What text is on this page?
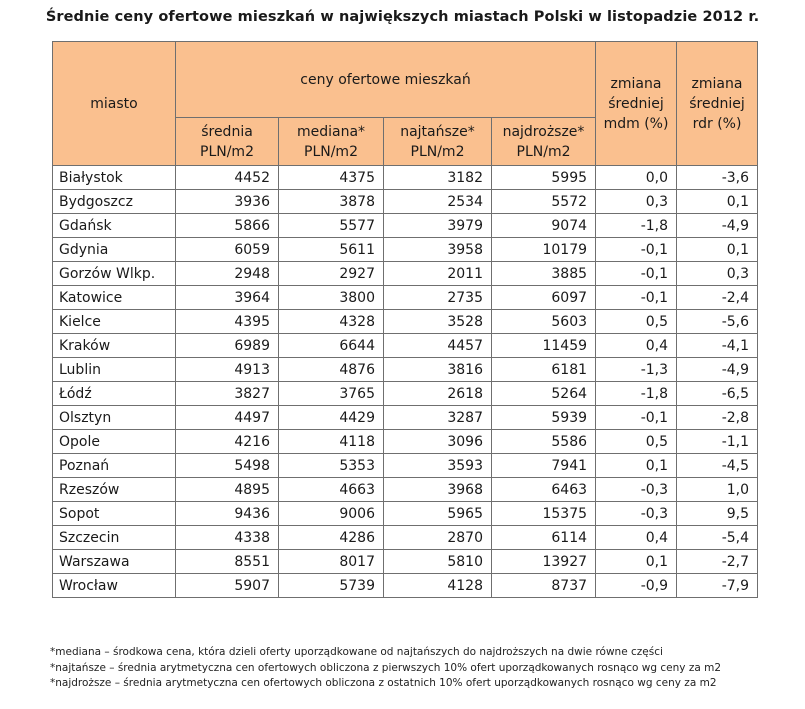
Średnie ceny ofertowe mieszkań w największych miastach Polski w listopadzie 2012 r.
miasto	ceny ofertowe mieszkań				zmiana średniej mdm (%)	zmiana średniej rdr (%)
	średnia PLN/m2	mediana* PLN/m2	najtańsze* PLN/m2	najdroższe* PLN/m2		
Białystok	4452	4375	3182	5995	0,0	-3,6
Bydgoszcz	3936	3878	2534	5572	0,3	0,1
Gdańsk	5866	5577	3979	9074	-1,8	-4,9
Gdynia	6059	5611	3958	10179	-0,1	0,1
Gorzów Wlkp.	2948	2927	2011	3885	-0,1	0,3
Katowice	3964	3800	2735	6097	-0,1	-2,4
Kielce	4395	4328	3528	5603	0,5	-5,6
Kraków	6989	6644	4457	11459	0,4	-4,1
Lublin	4913	4876	3816	6181	-1,3	-4,9
Łódź	3827	3765	2618	5264	-1,8	-6,5
Olsztyn	4497	4429	3287	5939	-0,1	-2,8
Opole	4216	4118	3096	5586	0,5	-1,1
Poznań	5498	5353	3593	7941	0,1	-4,5
Rzeszów	4895	4663	3968	6463	-0,3	1,0
Sopot	9436	9006	5965	15375	-0,3	9,5
Szczecin	4338	4286	2870	6114	0,4	-5,4
Warszawa	8551	8017	5810	13927	0,1	-2,7
Wrocław	5907	5739	4128	8737	-0,9	-7,9
*mediana – środkowa cena, która dzieli oferty uporządkowane od najtańszych do najdroższych na dwie równe części
*najtańsze – średnia arytmetyczna cen ofertowych obliczona z pierwszych 10% ofert uporządkowanych rosnąco wg ceny za m2
*najdroższe – średnia arytmetyczna cen ofertowych obliczona z ostatnich 10% ofert uporządkowanych rosnąco wg ceny za m2
